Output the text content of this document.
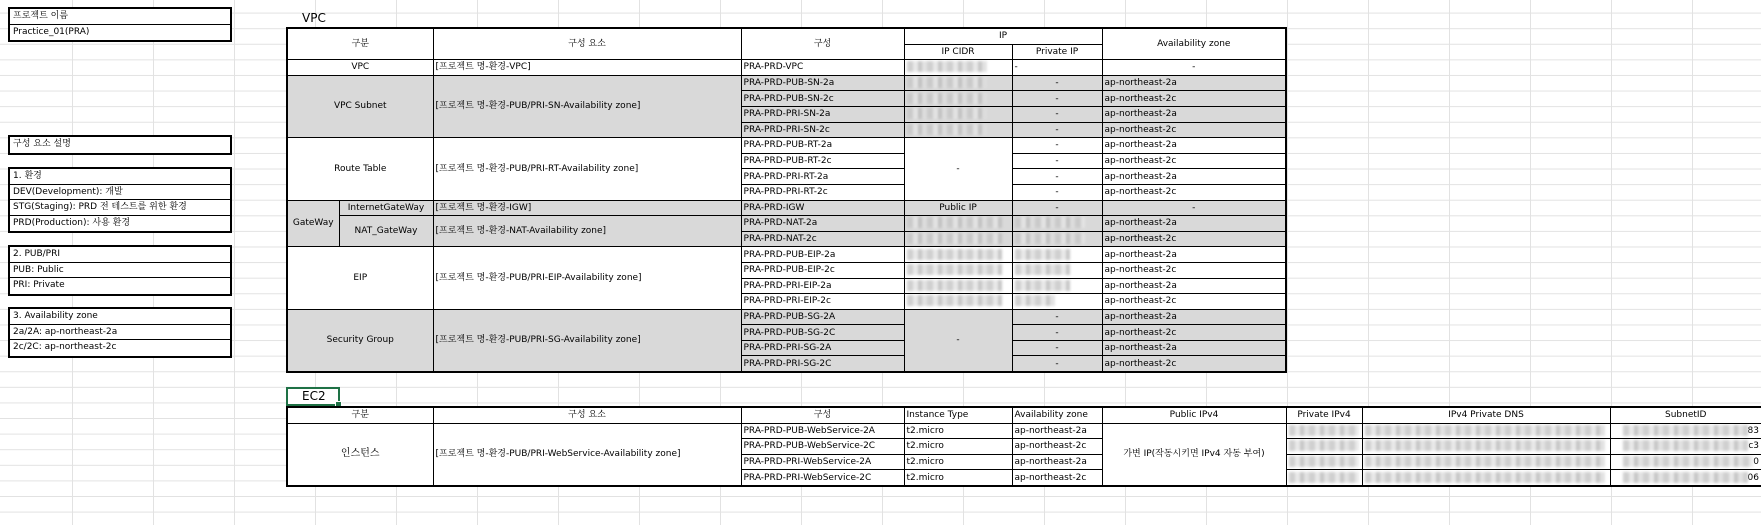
프로젝트 이름
Practice_01(PRA)
구성 요소 설명
1. 환경
DEV(Development): 개발
STG(Staging): PRD 전 테스트를 위한 환경
PRD(Production): 사용 환경
2. PUB/PRI
PUB: Public
PRI: Private
3. Availability zone
2a/2A: ap-northeast-2a
2c/2C: ap-northeast-2c
VPC
구분		구성 요소	구성	IP		Availability zone
				IP CIDR	Private IP	
VPC		[프로젝트 명-환경-VPC]	PRA-PRD-VPC		-	-
VPC Subnet		[프로젝트 명-환경-PUB/PRI-SN-Availability zone]	PRA-PRD-PUB-SN-2a		-	ap-northeast-2a
			PRA-PRD-PUB-SN-2c		-	ap-northeast-2c
			PRA-PRD-PRI-SN-2a		-	ap-northeast-2a
			PRA-PRD-PRI-SN-2c		-	ap-northeast-2c
Route Table		[프로젝트 명-환경-PUB/PRI-RT-Availability zone]	PRA-PRD-PUB-RT-2a	-	-	ap-northeast-2a
			PRA-PRD-PUB-RT-2c		-	ap-northeast-2c
			PRA-PRD-PRI-RT-2a		-	ap-northeast-2a
			PRA-PRD-PRI-RT-2c		-	ap-northeast-2c
GateWay	InternetGateWay	[프로젝트 명-환경-IGW]	PRA-PRD-IGW	Public IP	-	-
	NAT_GateWay	[프로젝트 명-환경-NAT-Availability zone]	PRA-PRD-NAT-2a			ap-northeast-2a
			PRA-PRD-NAT-2c			ap-northeast-2c
EIP		[프로젝트 명-환경-PUB/PRI-EIP-Availability zone]	PRA-PRD-PUB-EIP-2a			ap-northeast-2a
			PRA-PRD-PUB-EIP-2c			ap-northeast-2c
			PRA-PRD-PRI-EIP-2a			ap-northeast-2a
			PRA-PRD-PRI-EIP-2c			ap-northeast-2c
Security Group		[프로젝트 명-환경-PUB/PRI-SG-Availability zone]	PRA-PRD-PUB-SG-2A	-	-	ap-northeast-2a
			PRA-PRD-PUB-SG-2C		-	ap-northeast-2c
			PRA-PRD-PRI-SG-2A		-	ap-northeast-2a
			PRA-PRD-PRI-SG-2C		-	ap-northeast-2c
EC2
구분	구성 요소	구성	Instance Type	Availability zone	Public IPv4	Private IPv4	IPv4 Private DNS	SubnetID
인스턴스	[프로젝트 명-환경-PUB/PRI-WebService-Availability zone]	PRA-PRD-PUB-WebService-2A	t2.micro	ap-northeast-2a	가변 IP(작동시키면 IPv4 자동 부여)			83
		PRA-PRD-PUB-WebService-2C	t2.micro	ap-northeast-2c				c3
		PRA-PRD-PRI-WebService-2A	t2.micro	ap-northeast-2a				0
		PRA-PRD-PRI-WebService-2C	t2.micro	ap-northeast-2c				06
